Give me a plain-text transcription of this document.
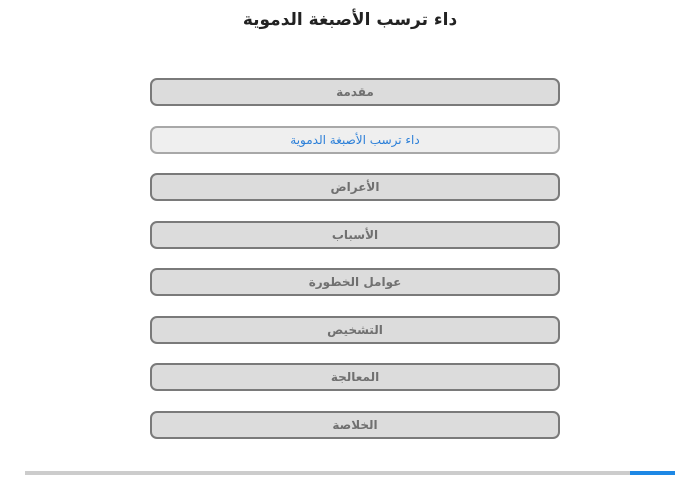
داء ترسب الأصبغة الدموية
مقدمة
داء ترسب الأصبغة الدموية
الأعراض
الأسباب
عوامل الخطورة
التشخيص
المعالجة
الخلاصة
